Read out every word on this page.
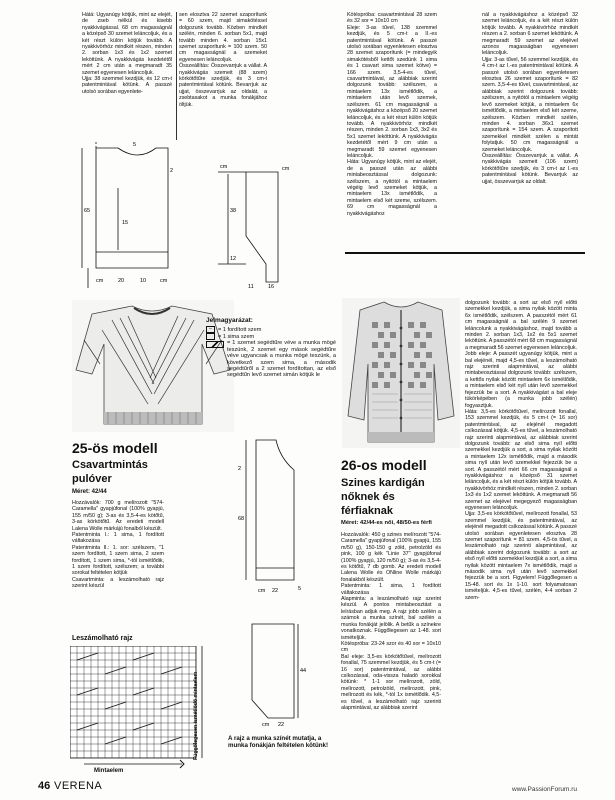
Hátá: Ugyanúgy kötjük, mint az elejét, de zseb nélkül és kisebb nyakkivágással. 68 cm magasságnál a középső 30 szemet leláncoljuk, és a két részt külön kötjük tovább. A nyakkivörhöz mindkét részen, minden 2. sorban 1x3 és 1x2 szemet leköttünk. A nyakkivágás kezdetétől mért 2 cm után a megmaradt 35 szemet egyenesen leláncoljuk.
Ujja: 38 szemmel kezdjük, és 12 cm-t patentmintával kötünk. A passzé utolsó sorában egyenlete-
sen elosztva 22 szemet szaporítunk = 60 szem, majd simakötéssel dolgozunk tovább. Közben mindkét szélén, minden 6. sorban 5x1, majd tovább minden 4. sorban 15x1 szemet szaporítunk = 100 szem. 50 cm magasságnál a szemeket egyenesen leláncoljuk.
Összeállítás: Összevarrjuk a vállat. A nyakkivágás szemeit (88 szem) körkötőtűre szedjük, és 3 cm-t patentmintával kötünk. Bevarrjuk az ujjat, összevarrjuk az oldalát, a zsebtasakot a munka fonákjához öltjük.
Kötéspróba: csavartmintával 28 szem és 32 sor = 10x10 cm
Eleje: 3-as tűvel, 138 szemmel kezdjük, és 5 cm-t a II.-es patentmintával kötünk. A passzé utolsó sorában egyenletesen elosztva 28 szemet szaporítunk (= mindegyik simakötésből kettőt szedünk 1 sima és 1 csavart sima szemet kötve) = 166 szem. 3,5-4-es tűvel, csavartmintával, az alábbiak szerint dolgozunk tovább: szélszem, a mintaelem 13x ismétlődik, a mintaelem után levő szemek, szélszem. 61 cm magasságnál a nyakkivágáshoz a középső 20 szemet leláncoljuk, és a két részt külön kötjük tovább. A nyakkivörhöz mindkét részen, minden 2. sorban 1x3, 3x2 és 5x1 szemet leköttünk. A nyakkivágás kezdetétől mért 9 cm után a megmaradt 59 szemet egyenesen leláncoljuk.
Háta: Ugyanúgy kötjük, mint az elejét, de a passzé után az alábbi mintabeosztással dolgozunk: szélszem, a nyitótól a mintaelem végéig levő szemeket kötjük, a mintaelem 13x ismétlődik, a mintaelem első két szeme, szélszem. 69 cm magasságnál a nyakkivágáshoz
nál a nyakkivágáshoz a középső 32 szemet leláncoljuk, és a két részt külön kötjük tovább. A nyakkivörhöz mindkét részen a 2. sorban 6 szemet leköttünk. A megmaradt 59 szemet az elejével azonos magasságban egyenesen leláncoljuk.
Ujja: 3-as tűvel, 56 szemmel kezdjük, és 4 cm-t az I.-es patentmintával kötünk. A passzé utolsó sorában egyenletesen elosztva 26 szemet szaporítunk = 82 szem. 3,5-4-es tűvel, csavartmintával, az alábbiak szerint dolgozunk tovább: szélszem, a nyitótól a mintaelem végéig levő szemeket kötjük, a mintaelem 6x ismétlődik, a mintaelem első két szeme, szélszem. Közben mindkét szélén, minden 4. sorban 36x1 szemet szaporítunk = 154 szem. A szaporított szemekkel mindkét szélen a mintát folytatjuk. 50 cm magasságnál a szemeket leláncoljuk.
Összeállítás: Összevarrjuk a vállat. A nyakkivágás szemeit (106 szem) körkötőtűre szedjük, és 3 cm-t az I.-es patentmintával kötünk. Bevarrjuk az ujjat, összevarrjuk az oldalt.
65
cm	20	10	cm
5
2
15
cm	cm
38
12
11	16
Jelmagyarázat:
−	= 1 fordított szem
= 1 sima szem
= 1 szemet segédtűre véve a munka mögé teszünk, 2 szemet egy mások segédtűre véve ugyancsak a munka mögé teszünk, a következő szem sima, a második segédtűről a 2 szemet fordítottan, az első segédtűn levő szemet simán kötjük le
25-ös modell
Csavartmintás
pulóver
Méret: 42/44
Hozzávalók: 700 g melírozott "574-Caramella" gyapjúfonal (100% gyapjú, 155 m/50 g); 3-as és 3,5-4-es kötőtű, 3-as körkötőtű. Az eredeti modell Lalena Wolle márkájú fonalból készült.
Patentminta I.: 1 sima, 1 fordított váltakozása
Patentminta II.: 1. sor: szélszem, "1 szem fordított, 1 szem sima, 2 szem fordított, 1 szem sima, *-tól ismétlődik, 1 szem fordított, szélszem; a további sorokat feltételen kötjük
Csavartminta: a leszámolható rajz szerint készül
2
68
cm 22	5
44
cm 22
Leszámolható rajz
Mintaelem
Függőlegesen ismétlődő mintaelem	A rajz a munka színét mutatja, a munka fonákján feltételen kötünk!
26-os modell
Szines kardigán
nőknek és
férfiaknak
Méret: 42/44-es női, 48/50-es férfi
Hozzávalók: 450 g szines melírozott "574-Caramella" gyapjúfonal (100% gyapjú, 155 m/50 g), 150-150 g zöld, petrolzöld és pink, 100 g kék "Linie 37" gyapjúfonal (100% gyapjú, 120 m/50 g); 3-as és 3,5-4-es kötőtű, 7 db gomb. Az eredeti modell Lalena Wolle és ONline Wolle márkájú fonalakból készült.
Patentminta: 1 sima, 1 fordított váltakozása
Alapminta: a leszámolható rajz szerint készül. A pontos mintabeosztást a leírásban adjuk meg. A rajz jobb szélén a számok a munka színét, bal szélén a munka fonákját jelölik. A betűk a színekre vonatkoznak. Függőlegesen az 1-48. sort ismételjük.
Kötéspróba: 23-24 szor és 40 sor = 10x10 cm
Bal eleje: 3,5-es körkötőtűvel, melírozott fonallal, 75 szemmel kezdjük, és 5 cm-t (= 16 sor) patentmintával, az alábbi csíkozással, oda-vissza haladó sorokkal kötünk: * 1-1 sor melírozott, zöld, melírozott, petrolzöld, melírozott, pink, melírozott és kék, *-tól 1x ismétlődik. 4,5-es tűvel, a leszámolható rajz szerinti alapmintával, az alábbiak szerint
dolgozunk tovább: a sort az első nyíl előtti szemekkel kezdjük, a sima nyilak között minta 6x ismétlődik, szélszem. A passzétól mért 61 cm magasságnál a bal szélén 9 szemet leláncolunk a nyakkivágáshoz, majd tovább a minden 2. sorban 1x3, 1x2 és 5x1 szemet leköttünk. A passzétól mért 68 cm magasságnál a megmaradt 56 szemet egyenesen leláncoljuk.
Jobb eleje: A passzét ugyanúgy kötjük, mint a bal elejénél, majd 4,5-es tűvel, a leszámolható rajz szerinti alapmintával, az alábbi mintabeosztással dolgozunk tovább: szélszem, a kettős nyilak között mintaelem 6x ismétlődik, a mintaelem első két nyíl után levő szemekkel fejezzük be a sort. A nyakkivágást a bal eleje tükörképében (a munka jobb szélén) fogyasztjuk.
Háta: 3,5-es körkötőtűvel, melírozott fonallal, 153 szemmel kezdjük, és 5 cm-t (= 16 sor) patentmintával, az elejénél megadott csíkozással kötjük. 4,5-es tűvel, a leszámolható rajz szerinti alapmintával, az alábbiak szerint dolgozunk tovább: az első sima nyíl előtti szemekkel kezdjük a sort, a sima nyilak között a mintaelem 12x ismétlődik, majd a második sima nyíl után levő szemekkel fejezzük be a sort. A passzétól mért 66 cm magasságnál a nyakkivágáshoz a középső 31 szemet leláncoljuk, és a két részt külön kötjük tovább. A nyakkivörhöz mindkét részen, minden 2. sorban 1x3 és 1x2 szemet leköttünk. A megmaradt 56 szemet az elejével megegyező magasságban egyenesen leláncoljuk.
Ujja: 3,5-es körkötőtűvel, melírozott fonallal, 53 szemmel kezdjük, és patentmintával, az elejénél megadott csíkozással kötünk. A passzé utolsó sorában egyenletesen elosztva 28 szemet szaporítunk = 81 szem. 4,5-ös tűvel, a leszámolható rajz szerinti alapmintával, az alábbiak szerint dolgozunk tovább: a sort az első nyíl előtti szemekkel kezdjük a sort, a sima nyilak között mintaelem 7x ismétlődik, majd a második sima nyíl után levő szemekkel fejezzük be a sort. Figyelem! Függőlegesen a 15-48. sort és 1x 1-10. sort folyamatosan ismételjük. 4,5-es tűvel, szélén, 4-4 sorban 2 szem-
46 VERENA	www.PassionForum.ru
